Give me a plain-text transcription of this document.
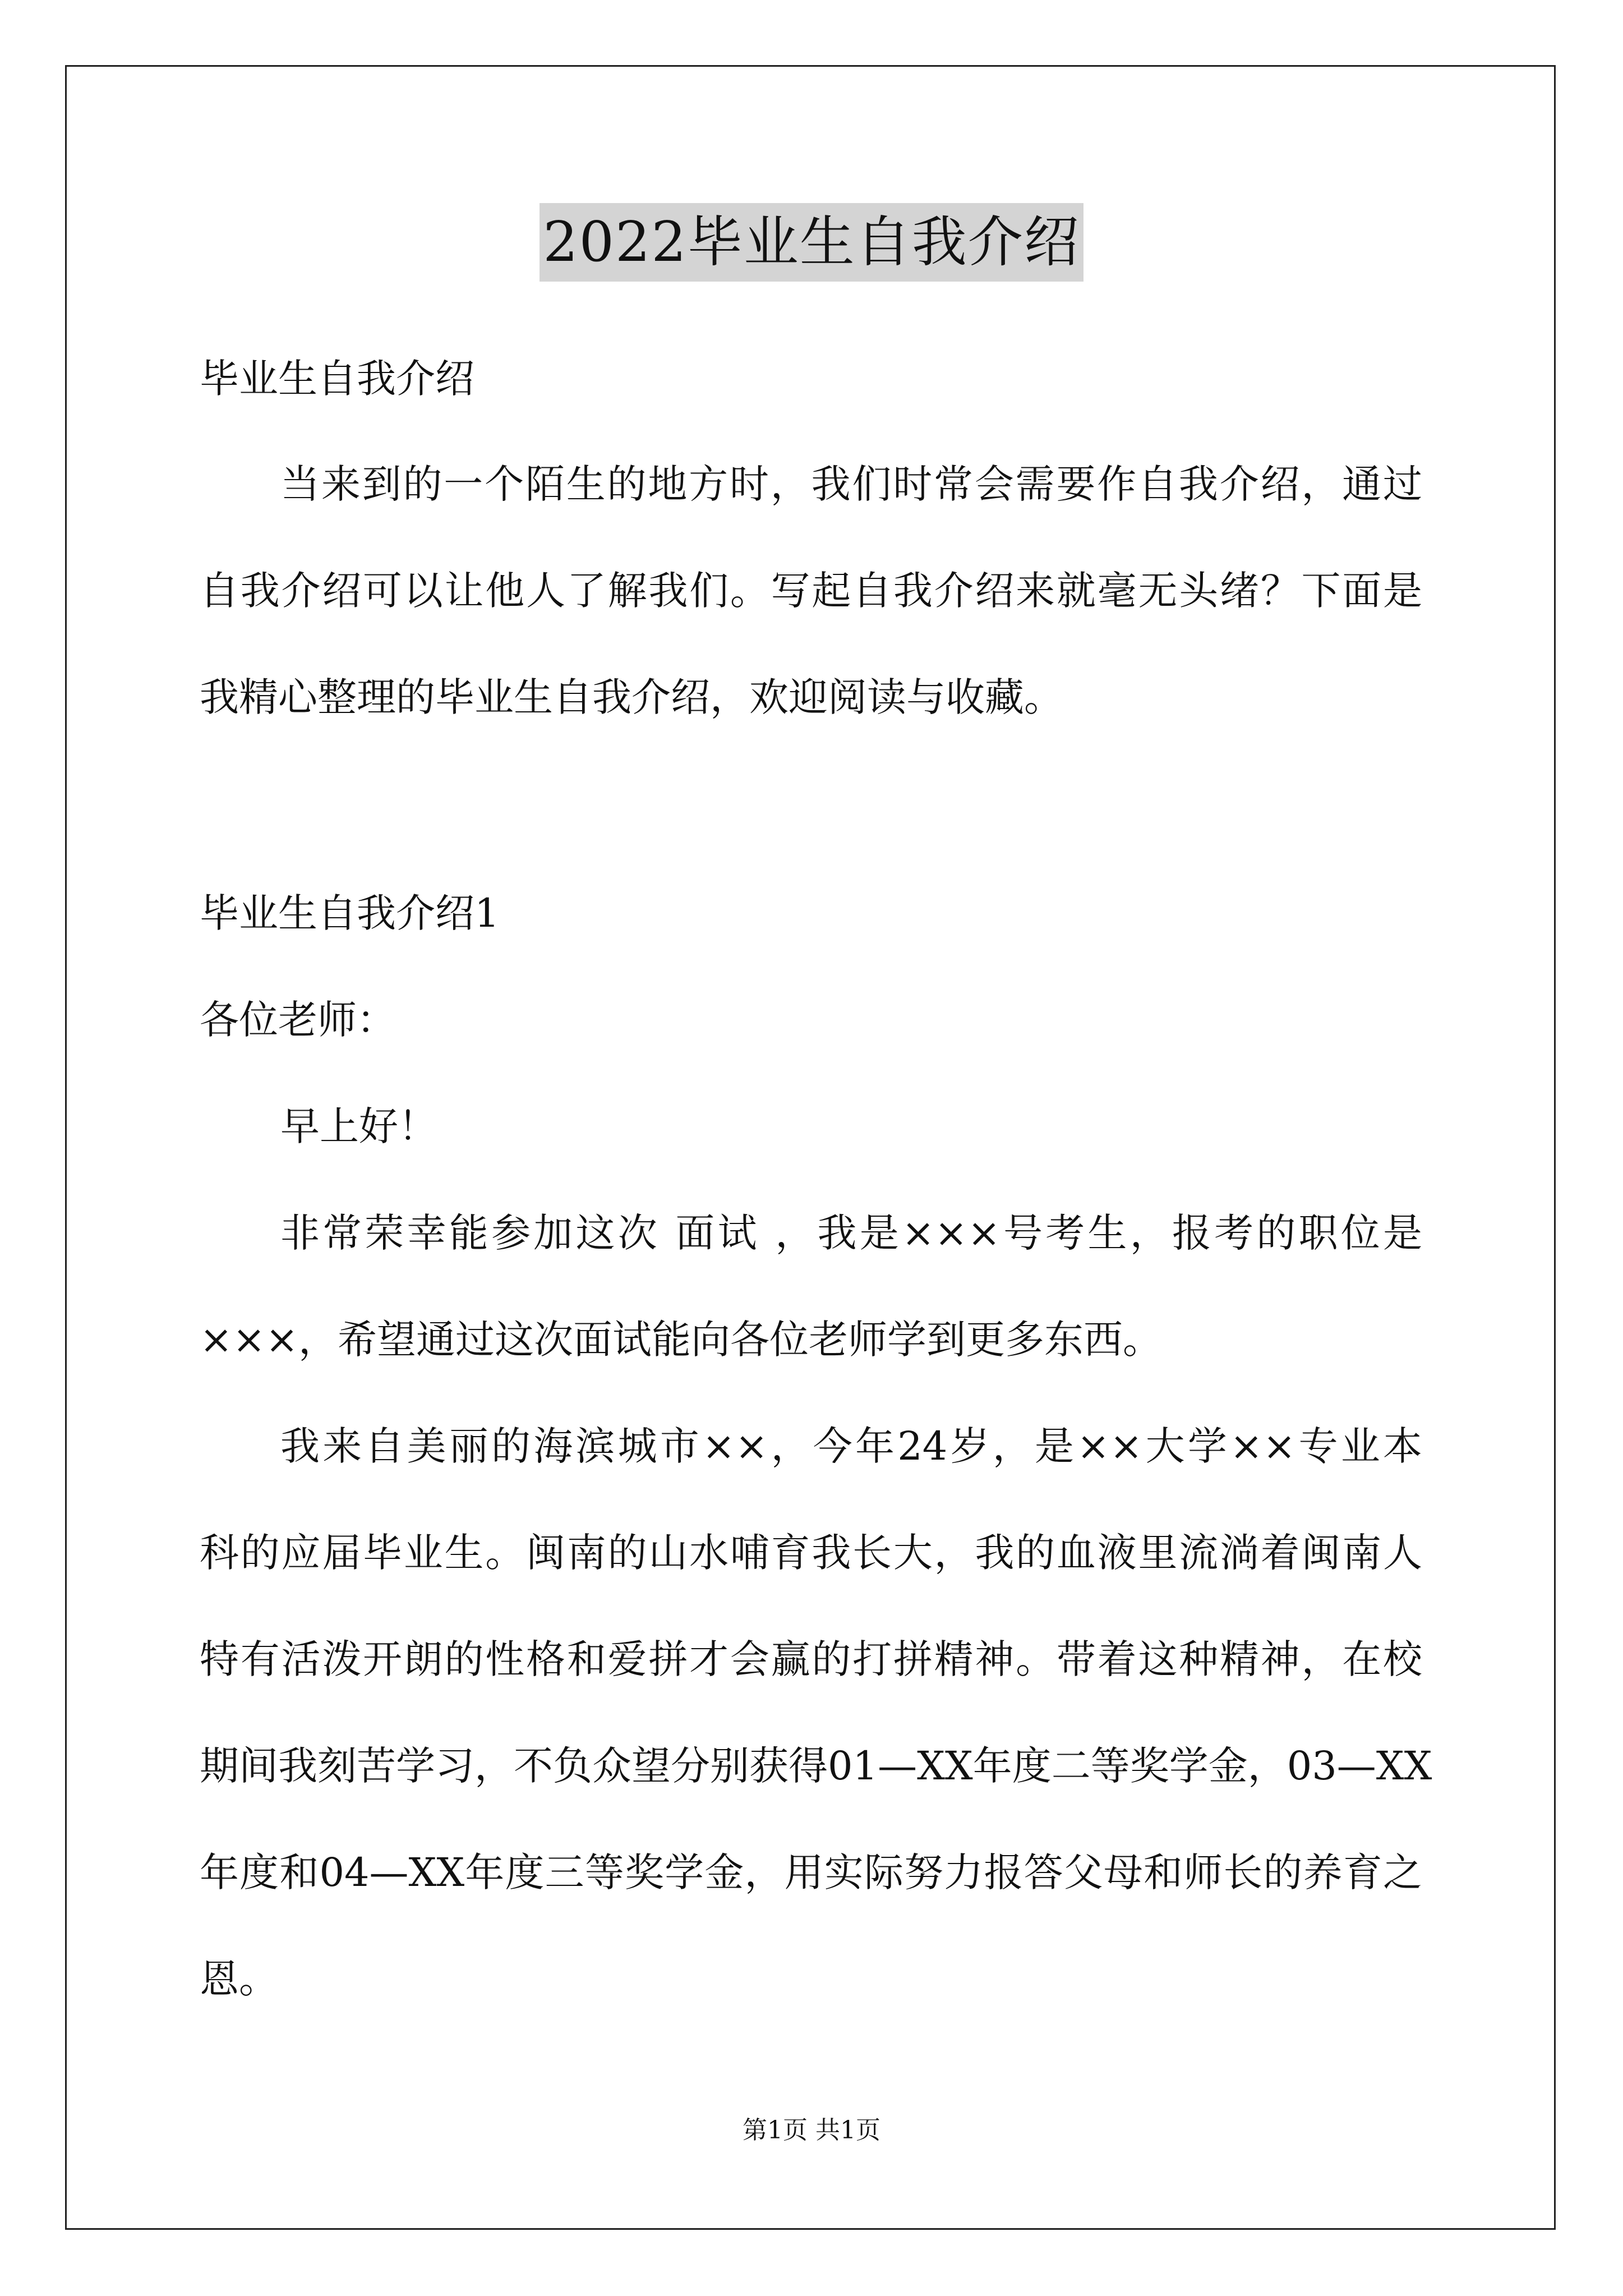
2022毕业生自我介绍
毕业生自我介绍
当来到的一个陌生的地方时，我们时常会需要作自我介绍，通过
自我介绍可以让他人了解我们。写起自我介绍来就毫无头绪？下面是
我精心整理的毕业生自我介绍，欢迎阅读与收藏。
毕业生自我介绍1
各位老师：
早上好！
非常荣幸能参加这次 面试 ，我是×××号考生，报考的职位是
×××，希望通过这次面试能向各位老师学到更多东西。
我来自美丽的海滨城市××，今年24岁，是××大学××专业本
科的应届毕业生。闽南的山水哺育我长大，我的血液里流淌着闽南人
特有活泼开朗的性格和爱拼才会赢的打拼精神。带着这种精神，在校
期间我刻苦学习，不负众望分别获得01—XX年度二等奖学金，03—XX
年度和04—XX年度三等奖学金，用实际努力报答父母和师长的养育之
恩。
第1页 共1页
